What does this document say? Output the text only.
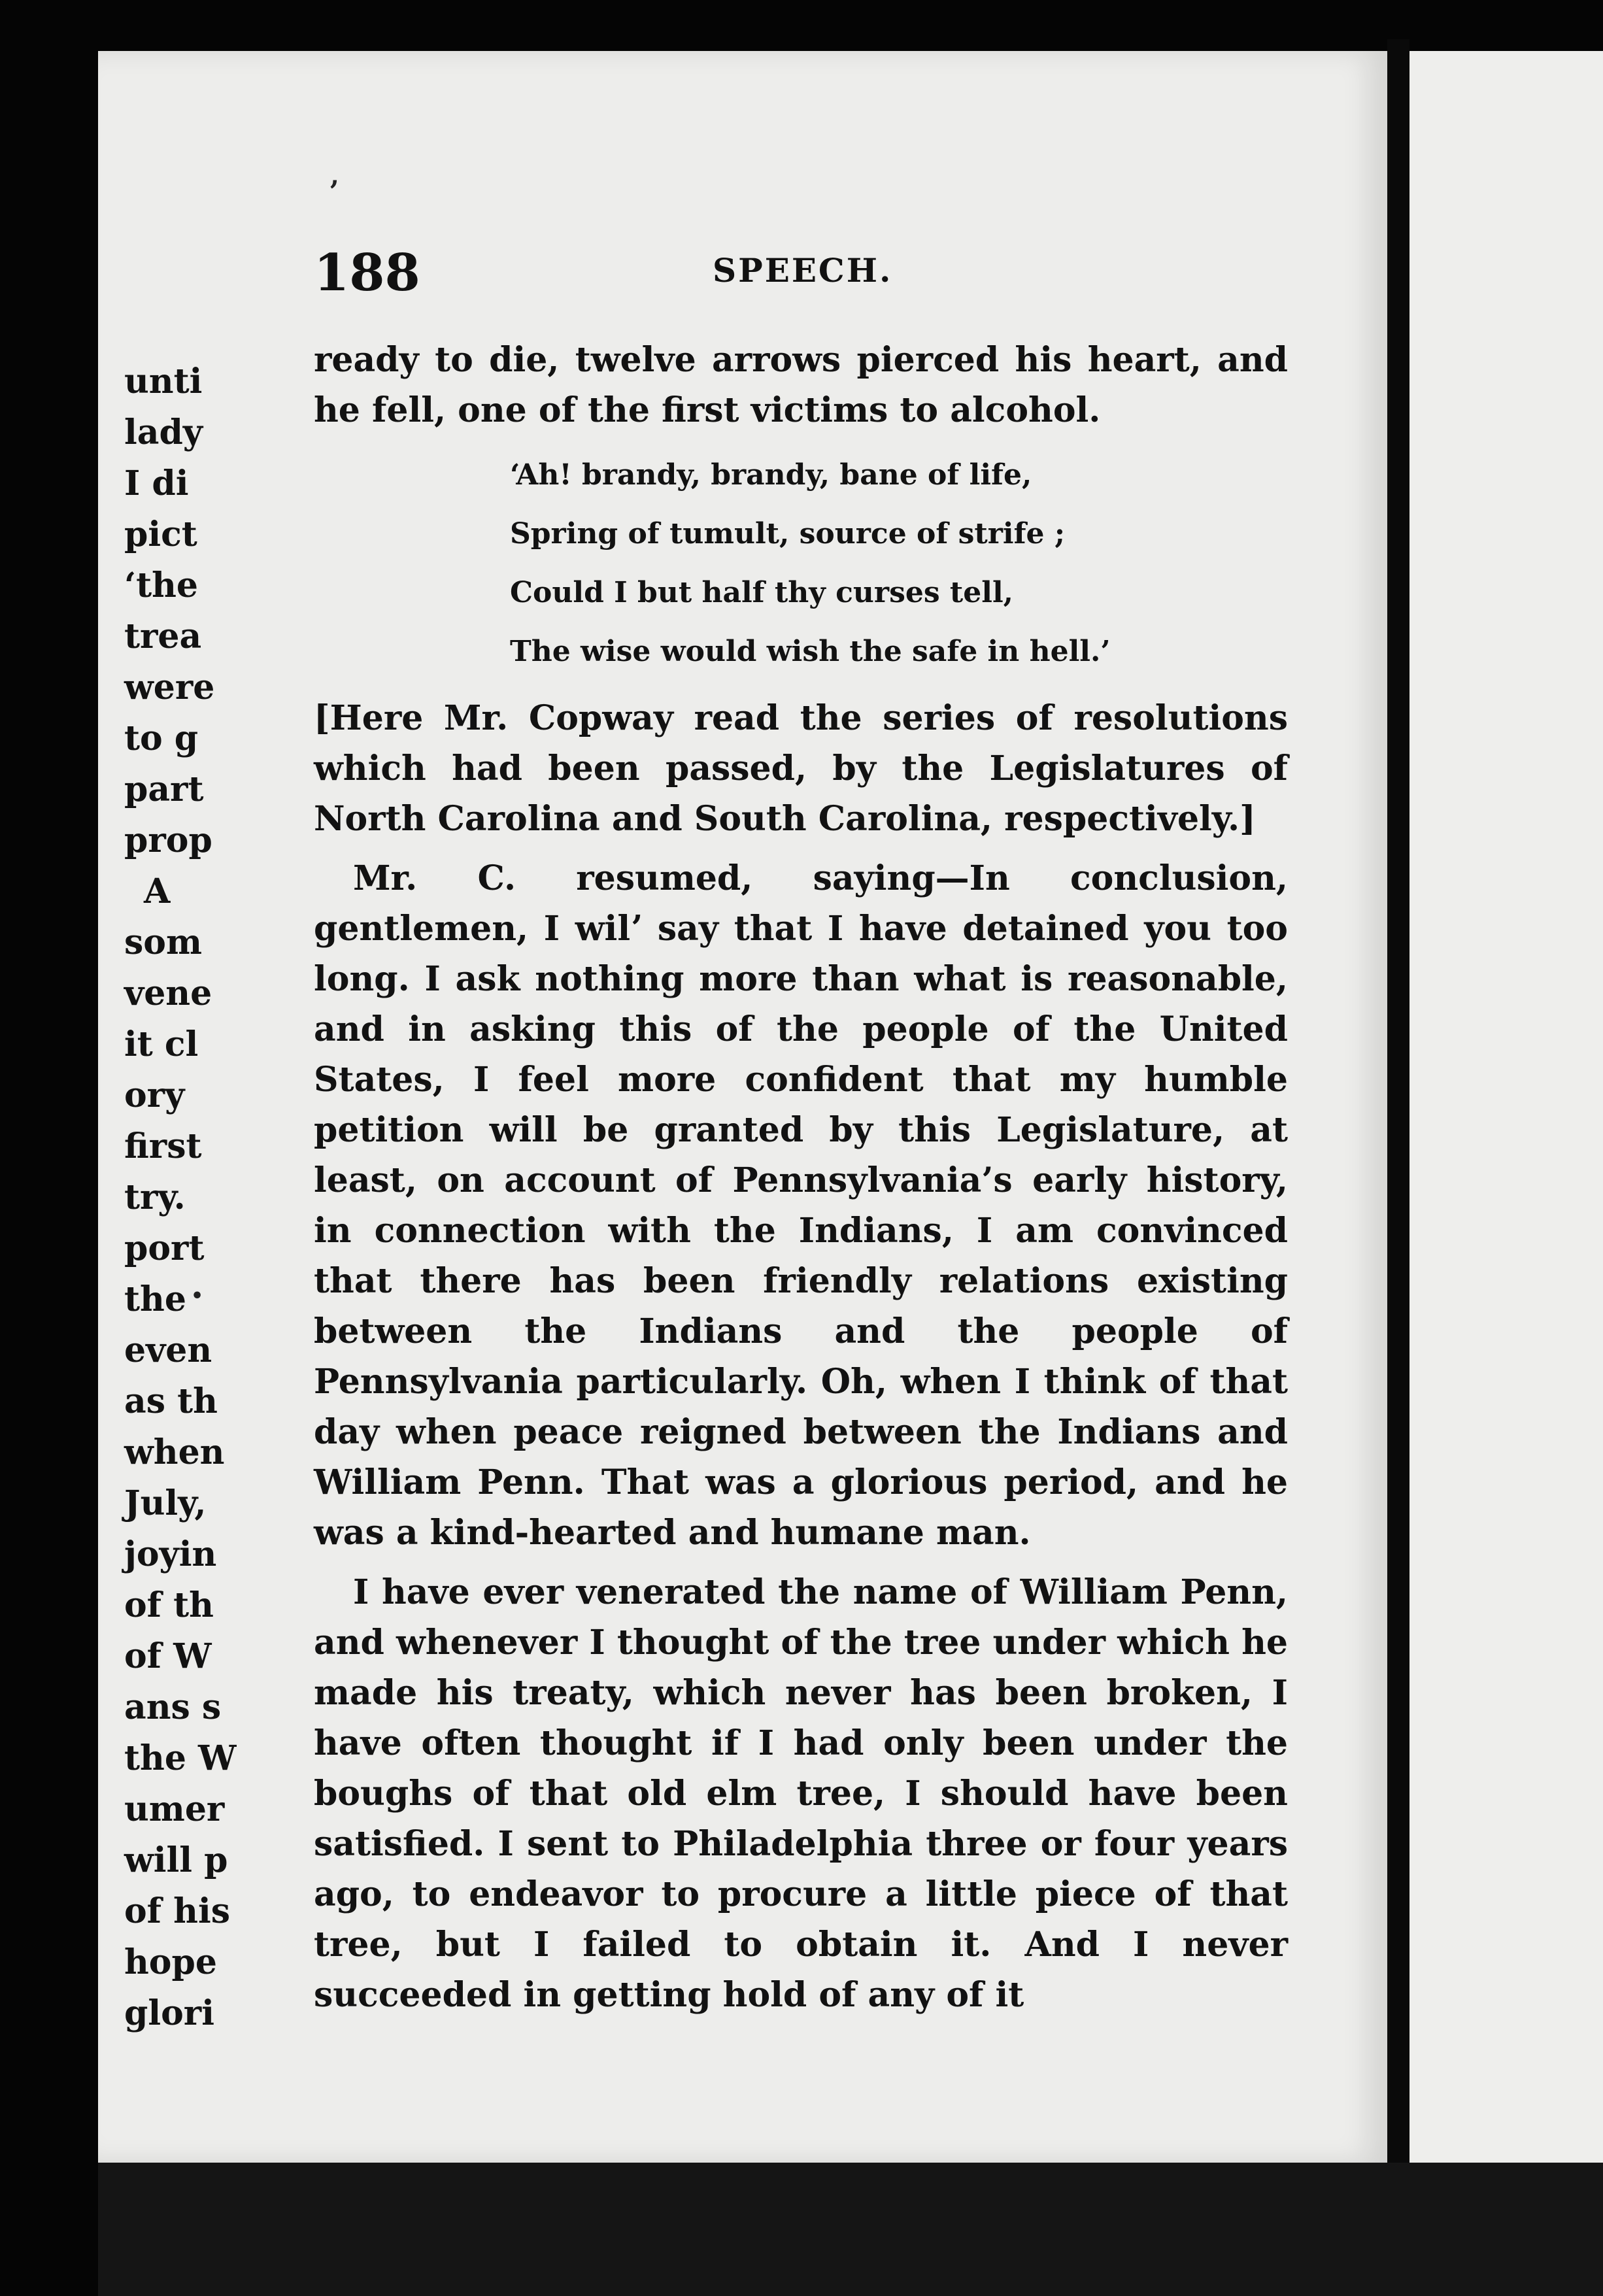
,
•
188	SPEECH.

ready to die, twelve arrows pierced his heart, and he fell, one of the first victims to alcohol.

‘Ah! brandy, brandy, bane of life,
Spring of tumult, source of strife ;
Could I but half thy curses tell,
The wise would wish the safe in hell.’

[Here Mr. Copway read the series of resolutions which had been passed, by the Legislatures of North Carolina and South Carolina, respectively.]

Mr. C. resumed, saying—In conclusion, gentlemen, I wilʼ say that I have detained you too long. I ask nothing more than what is reasonable, and in asking this of the people of the United States, I feel more confident that my humble petition will be granted by this Legislature, at least, on account of Pennsylvania’s early history, in connection with the Indians, I am convinced that there has been friendly relations existing between the Indians and the people of Pennsylvania particularly. Oh, when I think of that day when peace reigned between the Indians and William Penn. That was a glorious period, and he was a kind-hearted and humane man.

I have ever venerated the name of William Penn, and whenever I thought of the tree under which he made his treaty, which never has been broken, I have often thought if I had only been under the boughs of that old elm tree, I should have been satisfied. I sent to Philadelphia three or four years ago, to endeavor to procure a little piece of that tree, but I failed to obtain it. And I never succeeded in getting hold of any of it

unti
lady
I di
pict
‘the
trea
were
to g
part
prop
A
som
vene
it cl
ory
first
try.
port
the
even
as th
when
July,
joyin
of th
of W
ans s
the W
umer
will p
of his
hope
glori
